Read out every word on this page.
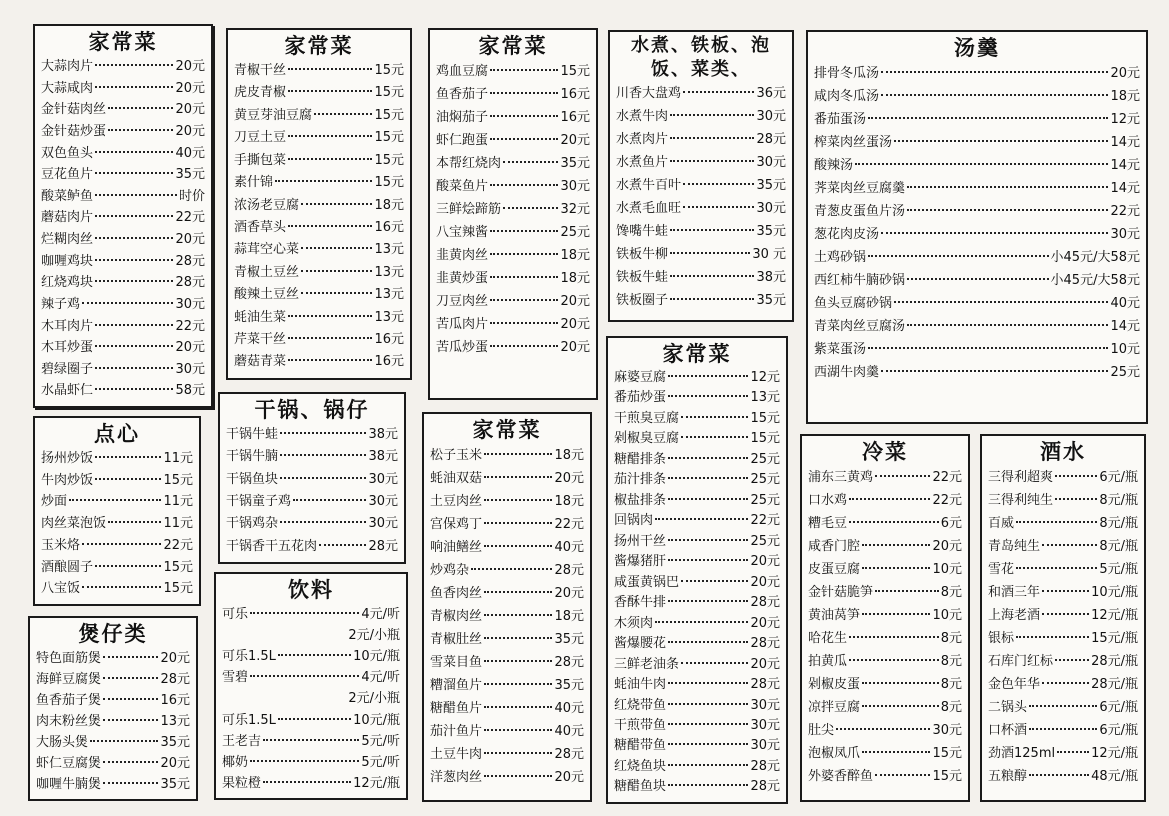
家常菜
大蒜肉片	20元
大蒜咸肉	20元
金针菇肉丝	20元
金针菇炒蛋	20元
双色鱼头	40元
豆花鱼片	35元
酸菜鲈鱼	时价
蘑菇肉片	22元
烂糊肉丝	20元
咖喱鸡块	28元
红烧鸡块	28元
辣子鸡	30元
木耳肉片	22元
木耳炒蛋	20元
碧绿圈子	30元
水晶虾仁	58元
点心
扬州炒饭	11元
牛肉炒饭	15元
炒面	11元
肉丝菜泡饭	11元
玉米烙	22元
酒酿圆子	15元
八宝饭	15元
煲仔类
特色面筋煲	20元
海鲜豆腐煲	28元
鱼香茄子煲	16元
肉末粉丝煲	13元
大肠头煲	35元
虾仁豆腐煲	20元
咖喱牛腩煲	35元
家常菜
青椒干丝	15元
虎皮青椒	15元
黄豆芽油豆腐	15元
刀豆土豆	15元
手撕包菜	15元
素什锦	15元
浓汤老豆腐	18元
酒香草头	16元
蒜茸空心菜	13元
青椒土豆丝	13元
酸辣土豆丝	13元
蚝油生菜	13元
芹菜干丝	16元
蘑菇青菜	16元
干锅、锅仔
干锅牛蛙	38元
干锅牛腩	38元
干锅鱼块	30元
干锅童子鸡	30元
干锅鸡杂	30元
干锅香干五花肉	28元
饮料
可乐	4元/听
2元/小瓶
可乐1.5L	10元/瓶
雪碧	4元/听
2元/小瓶
可乐1.5L	10元/瓶
王老吉	5元/听
椰奶	5元/听
果粒橙	12元/瓶
家常菜
鸡血豆腐	15元
鱼香茄子	16元
油焖茄子	16元
虾仁跑蛋	20元
本帮红烧肉	35元
酸菜鱼片	30元
三鲜烩蹄筋	32元
八宝辣酱	25元
韭黄肉丝	18元
韭黄炒蛋	18元
刀豆肉丝	20元
苦瓜肉片	20元
苦瓜炒蛋	20元
家常菜
松子玉米	18元
蚝油双菇	20元
土豆肉丝	18元
宫保鸡丁	22元
响油鳝丝	40元
炒鸡杂	28元
鱼香肉丝	20元
青椒肉丝	18元
青椒肚丝	35元
雪菜目鱼	28元
糟溜鱼片	35元
糖醋鱼片	40元
茄汁鱼片	40元
土豆牛肉	28元
洋葱肉丝	20元
水煮、铁板、泡饭、菜类、
川香大盘鸡	36元
水煮牛肉	30元
水煮肉片	28元
水煮鱼片	30元
水煮牛百叶	35元
水煮毛血旺	30元
馋嘴牛蛙	35元
铁板牛柳	30 元
铁板牛蛙	38元
铁板圈子	35元
家常菜
麻婆豆腐	12元
番茄炒蛋	13元
干煎臭豆腐	15元
剁椒臭豆腐	15元
糖醋排条	25元
茄汁排条	25元
椒盐排条	25元
回锅肉	22元
扬州干丝	25元
酱爆猪肝	20元
咸蛋黄锅巴	20元
香酥牛排	28元
木须肉	20元
酱爆腰花	28元
三鲜老油条	20元
蚝油牛肉	28元
红烧带鱼	30元
干煎带鱼	30元
糖醋带鱼	30元
红烧鱼块	28元
糖醋鱼块	28元
汤羹
排骨冬瓜汤	20元
咸肉冬瓜汤	18元
番茄蛋汤	12元
榨菜肉丝蛋汤	14元
酸辣汤	14元
荠菜肉丝豆腐羹	14元
青葱皮蛋鱼片汤	22元
葱花肉皮汤	30元
土鸡砂锅	小45元/大58元
西红柿牛腩砂锅	小45元/大58元
鱼头豆腐砂锅	40元
青菜肉丝豆腐汤	14元
紫菜蛋汤	10元
西湖牛肉羹	25元
冷菜
浦东三黄鸡	22元
口水鸡	22元
糟毛豆	6元
咸香门腔	20元
皮蛋豆腐	10元
金针菇脆笋	8元
黄油莴笋	10元
哈花生	8元
拍黄瓜	8元
剁椒皮蛋	8元
凉拌豆腐	8元
肚尖	30元
泡椒凤爪	15元
外婆香醉鱼	15元
酒水
三得利超爽	6元/瓶
三得利纯生	8元/瓶
百威	8元/瓶
青岛纯生	8元/瓶
雪花	5元/瓶
和酒三年	10元/瓶
上海老酒	12元/瓶
银标	15元/瓶
石库门红标	28元/瓶
金色年华	28元/瓶
二锅头	6元/瓶
口杯酒	6元/瓶
劲酒125ml	12元/瓶
五粮醇	48元/瓶
